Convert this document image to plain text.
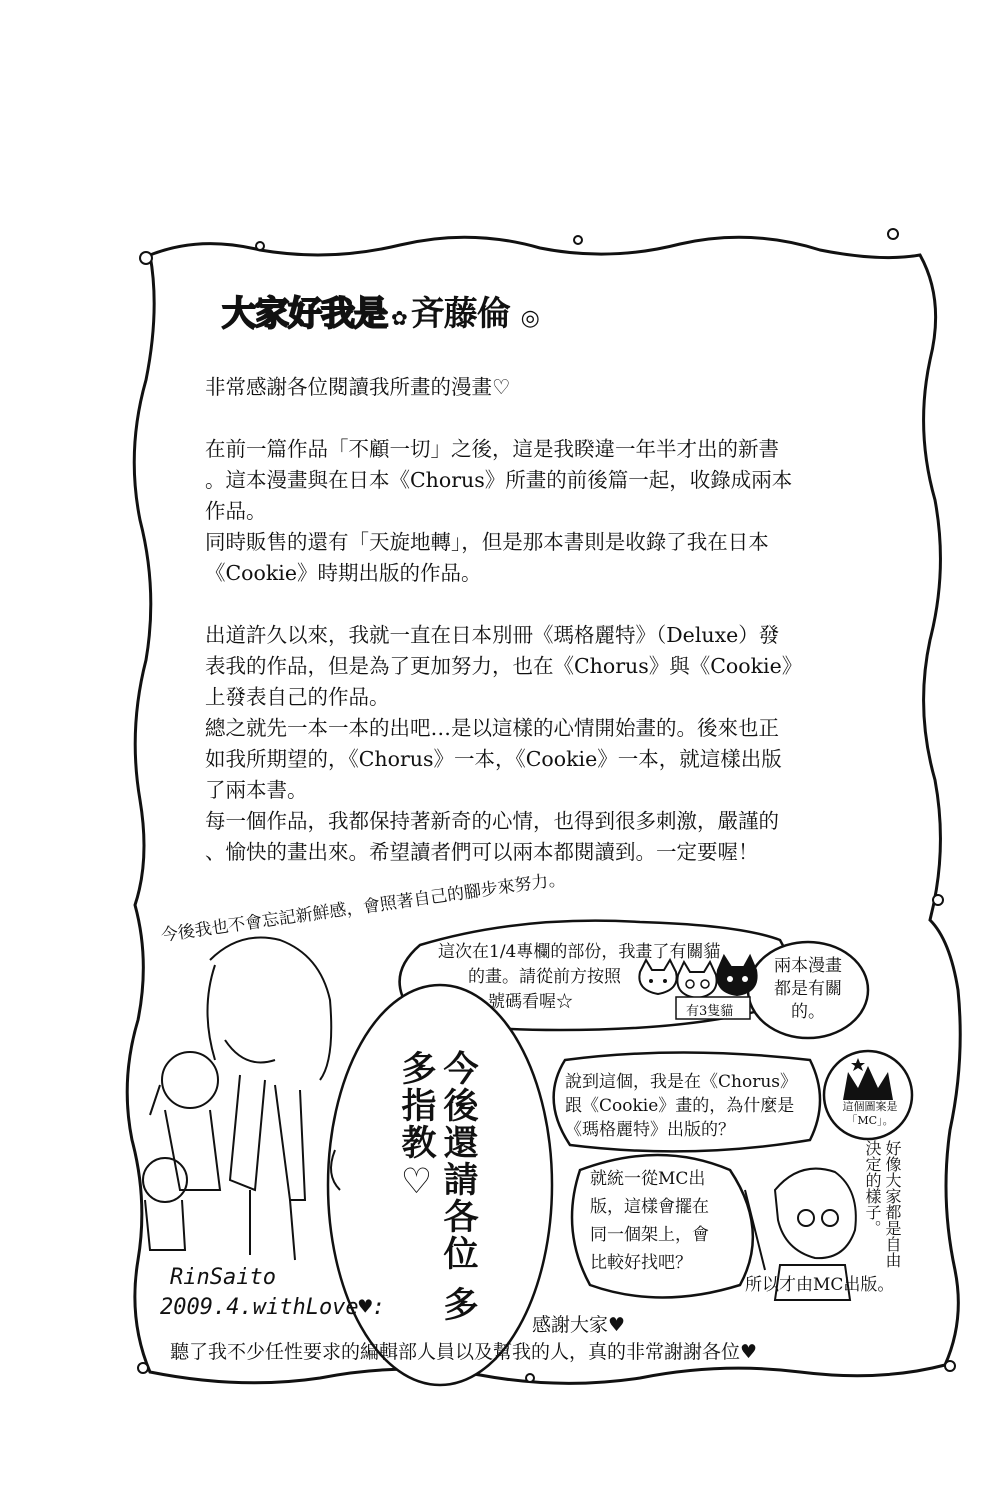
大家好我是 ✿ 斉藤倫 ◎
非常感謝各位閱讀我所畫的漫畫♡
在前一篇作品「不顧一切」之後，這是我睽違一年半才出的新書
。這本漫畫與在日本《Chorus》所畫的前後篇一起，收錄成兩本
作品。
同時販售的還有「天旋地轉」，但是那本書則是收錄了我在日本
《Cookie》時期出版的作品。
出道許久以來，我就一直在日本別冊《瑪格麗特》（Deluxe）發
表我的作品，但是為了更加努力，也在《Chorus》與《Cookie》
上發表自己的作品。
總之就先一本一本的出吧…是以這樣的心情開始畫的。後來也正
如我所期望的，《Chorus》一本，《Cookie》一本，就這樣出版
了兩本書。
每一個作品，我都保持著新奇的心情，也得到很多刺激，嚴謹的
、愉快的畫出來。希望讀者們可以兩本都閱讀到。一定要喔！
今後我也不會忘記新鮮感，會照著自己的腳步來努力。
今後還請各位 多多指教♡
這次在1/4專欄的部份，我畫了有關貓
的畫。請從前方按照
號碼看喔☆	有3隻貓
兩本漫畫
都是有關
的。
說到這個，我是在《Chorus》
跟《Cookie》畫的，為什麼是
《瑪格麗特》出版的？
這個圖案是
「MC」。
就統一從MC出
版，這樣會擺在
同一個架上，會
比較好找吧？	好像大家都是自由決定的樣子。
所以才由MC出版。
RinSaito
2009.4.withLove♥:
感謝大家♥
聽了我不少任性要求的編輯部人員以及幫我的人，真的非常謝謝各位♥
